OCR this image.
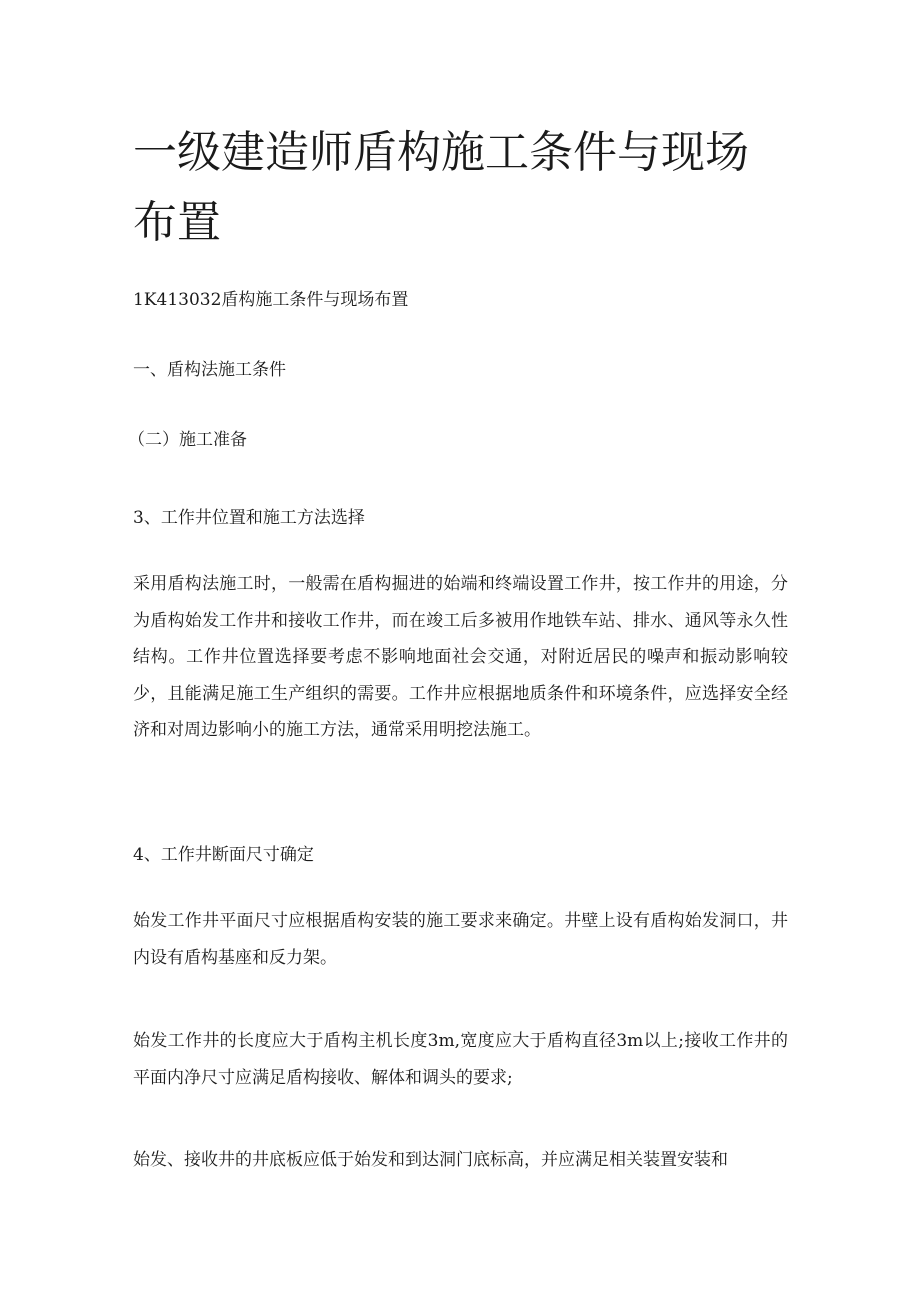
一级建造师盾构施工条件与现场布置

1K413032盾构施工条件与现场布置

一、盾构法施工条件

（二）施工准备

3、工作井位置和施工方法选择

采用盾构法施工时，一般需在盾构掘进的始端和终端设置工作井，按工作井的用途，分为盾构始发工作井和接收工作井，而在竣工后多被用作地铁车站、排水、通风等永久性结构。工作井位置选择要考虑不影响地面社会交通，对附近居民的噪声和振动影响较少，且能满足施工生产组织的需要。工作井应根据地质条件和环境条件，应选择安全经济和对周边影响小的施工方法，通常采用明挖法施工。

4、工作井断面尺寸确定

始发工作井平面尺寸应根据盾构安装的施工要求来确定。井壁上设有盾构始发洞口，井内设有盾构基座和反力架。

始发工作井的长度应大于盾构主机长度3m,宽度应大于盾构直径3m以上;接收工作井的平面内净尺寸应满足盾构接收、解体和调头的要求;

始发、接收井的井底板应低于始发和到达洞门底标高，并应满足相关装置安装和
